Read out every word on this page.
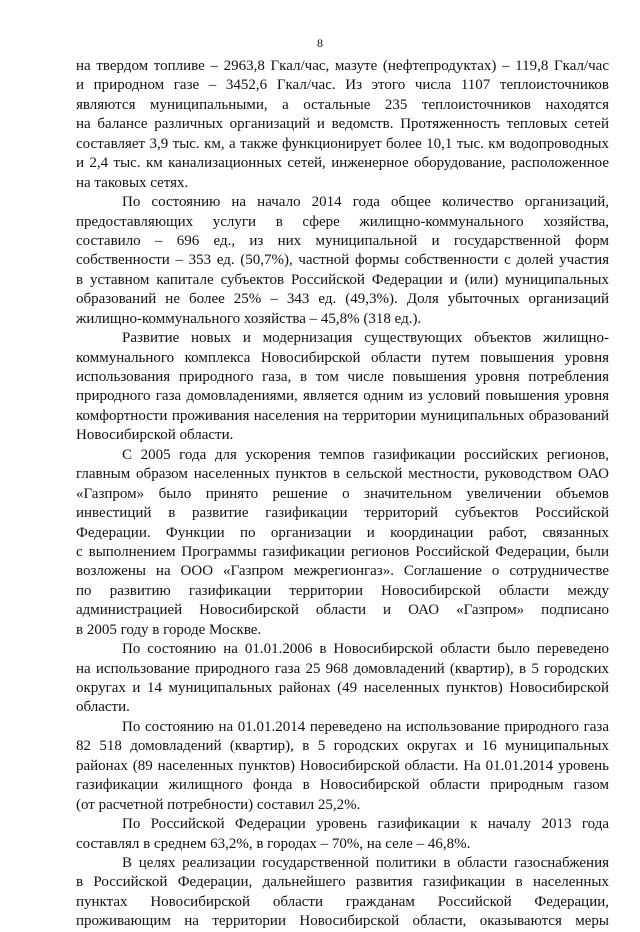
8
на твердом топливе – 2963,8 Гкал/час, мазуте (нефтепродуктах) – 119,8 Гкал/час
и природном газе – 3452,6 Гкал/час. Из этого числа 1107 теплоисточников
являются муниципальными, а остальные 235 теплоисточников находятся
на балансе различных организаций и ведомств. Протяженность тепловых сетей
составляет 3,9 тыс. км, а также функционирует более 10,1 тыс. км водопроводных
и 2,4 тыс. км канализационных сетей, инженерное оборудование, расположенное
на таковых сетях.
По состоянию на начало 2014 года общее количество организаций,
предоставляющих услуги в сфере жилищно-коммунального хозяйства,
составило – 696 ед., из них муниципальной и государственной форм
собственности – 353 ед. (50,7%), частной формы собственности с долей участия
в уставном капитале субъектов Российской Федерации и (или) муниципальных
образований не более 25% – 343 ед. (49,3%). Доля убыточных организаций
жилищно-коммунального хозяйства – 45,8% (318 ед.).
Развитие новых и модернизация существующих объектов жилищно-
коммунального комплекса Новосибирской области путем повышения уровня
использования природного газа, в том числе повышения уровня потребления
природного газа домовладениями, является одним из условий повышения уровня
комфортности проживания населения на территории муниципальных образований
Новосибирской области.
С 2005 года для ускорения темпов газификации российских регионов,
главным образом населенных пунктов в сельской местности, руководством ОАО
«Газпром» было принято решение о значительном увеличении объемов
инвестиций в развитие газификации территорий субъектов Российской
Федерации. Функции по организации и координации работ, связанных
с выполнением Программы газификации регионов Российской Федерации, были
возложены на ООО «Газпром межрегионгаз». Соглашение о сотрудничестве
по развитию газификации территории Новосибирской области между
администрацией Новосибирской области и ОАО «Газпром» подписано
в 2005 году в городе Москве.
По состоянию на 01.01.2006 в Новосибирской области было переведено
на использование природного газа 25 968 домовладений (квартир), в 5 городских
округах и 14 муниципальных районах (49 населенных пунктов) Новосибирской
области.
По состоянию на 01.01.2014 переведено на использование природного газа
82 518 домовладений (квартир), в 5 городских округах и 16 муниципальных
районах (89 населенных пунктов) Новосибирской области. На 01.01.2014 уровень
газификации жилищного фонда в Новосибирской области природным газом
(от расчетной потребности) составил 25,2%.
По Российской Федерации уровень газификации к началу 2013 года
составлял в среднем 63,2%, в городах – 70%, на селе – 46,8%.
В целях реализации государственной политики в области газоснабжения
в Российской Федерации, дальнейшего развития газификации в населенных
пунктах Новосибирской области гражданам Российской Федерации,
проживающим на территории Новосибирской области, оказываются меры
